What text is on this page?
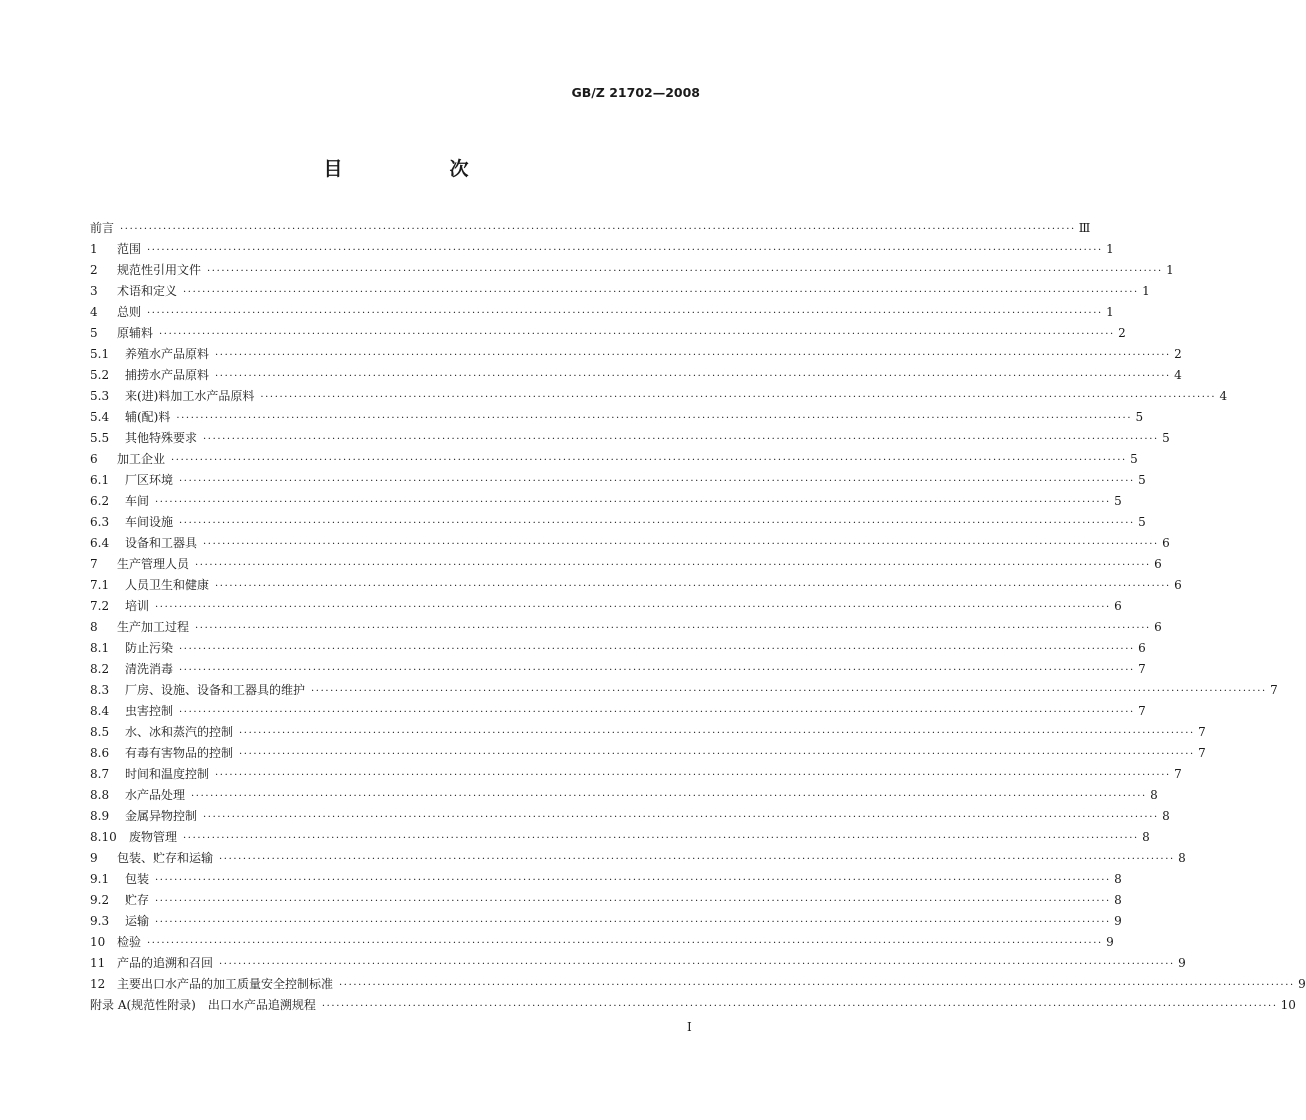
GB/Z 21702—2008
目　次
前言 ········································································································································································································ Ⅲ
1	范围 ········································································································································································································ 1
2	规范性引用文件 ········································································································································································································ 1
3	术语和定义 ········································································································································································································ 1
4	总则 ········································································································································································································ 1
5	原辅料 ········································································································································································································ 2
5.1	养殖水产品原料 ········································································································································································································ 2
5.2	捕捞水产品原料 ········································································································································································································ 4
5.3	来(进)料加工水产品原料 ········································································································································································································ 4
5.4	辅(配)料 ········································································································································································································ 5
5.5	其他特殊要求 ········································································································································································································ 5
6	加工企业 ········································································································································································································ 5
6.1	厂区环境 ········································································································································································································ 5
6.2	车间 ········································································································································································································ 5
6.3	车间设施 ········································································································································································································ 5
6.4	设备和工器具 ········································································································································································································ 6
7	生产管理人员 ········································································································································································································ 6
7.1	人员卫生和健康 ········································································································································································································ 6
7.2	培训 ········································································································································································································ 6
8	生产加工过程 ········································································································································································································ 6
8.1	防止污染 ········································································································································································································ 6
8.2	清洗消毒 ········································································································································································································ 7
8.3	厂房、设施、设备和工器具的维护 ········································································································································································································ 7
8.4	虫害控制 ········································································································································································································ 7
8.5	水、冰和蒸汽的控制 ········································································································································································································ 7
8.6	有毒有害物品的控制 ········································································································································································································ 7
8.7	时间和温度控制 ········································································································································································································ 7
8.8	水产品处理 ········································································································································································································ 8
8.9	金属异物控制 ········································································································································································································ 8
8.10	废物管理 ········································································································································································································ 8
9	包装、贮存和运输 ········································································································································································································ 8
9.1	包装 ········································································································································································································ 8
9.2	贮存 ········································································································································································································ 8
9.3	运输 ········································································································································································································ 9
10 检验 ········································································································································································································ 9
11 产品的追溯和召回 ········································································································································································································ 9
12 主要出口水产品的加工质量安全控制标准 ········································································································································································································ 9
附录 A (规范性附录)　出口水产品追溯规程 ········································································································································································································ 10
I
